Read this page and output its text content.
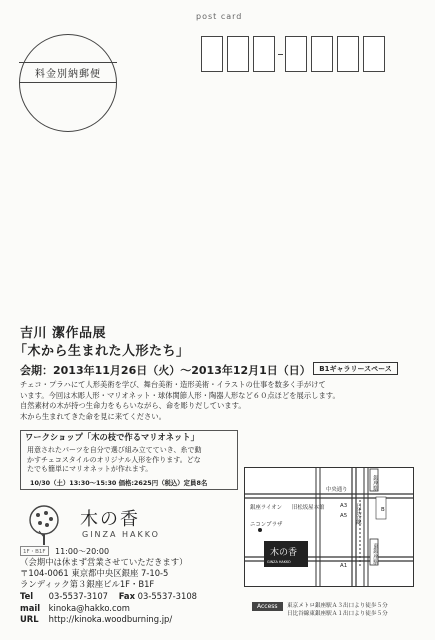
post card
料金別納郵便
吉川 潔作品展
「木から生まれた人形たち」
会期：2013年11月26日（火）～2013年12月1日（日）	B1ギャラリースペース
チェコ・プラハにて人形美術を学び、舞台美術・造形美術・イラストの仕事を数多く手がけて
います。今回は木彫人形・マリオネット・球体関節人形・陶器人形など６０点ほどを展示します。
自然素材の木が持つ生命力をもらいながら、命を彫りだしています。
木から生まれてきた命を見に来てください。
ワークショップ「木の枝で作るマリオネット」
用意されたパーツを自分で選び組み立てていき、糸で動
かすチェコスタイルのオリジナル人形を作ります。どな
たでも簡単にマリオネットが作れます。
10/30（土）13:30～15:30 価格:2625円（税込）定員8名
木の香
GINZA HAKKO
1F・B1F	11:00～20:00
（会期中は休まず営業させていただきます）
〒104-0061 東京都中央区銀座 7-10-5
ランディック第３銀座ビル1F・B1F
Tel 03-5537-3107 Fax 03-5537-3108
mail kinoka@hakko.com
URL http://kinoka.woodburning.jp/
中央通り	銀座駅
銀座ライオン 旧松坂屋本館	A3
A5
A1
ニコンプラザ
木の香
GINZA HAKKO	東銀座駅
日比谷線	B
Access	東京メトロ銀座駅Ａ３出口より徒歩５分
日比谷線東銀座駅Ａ１出口より徒歩５分
